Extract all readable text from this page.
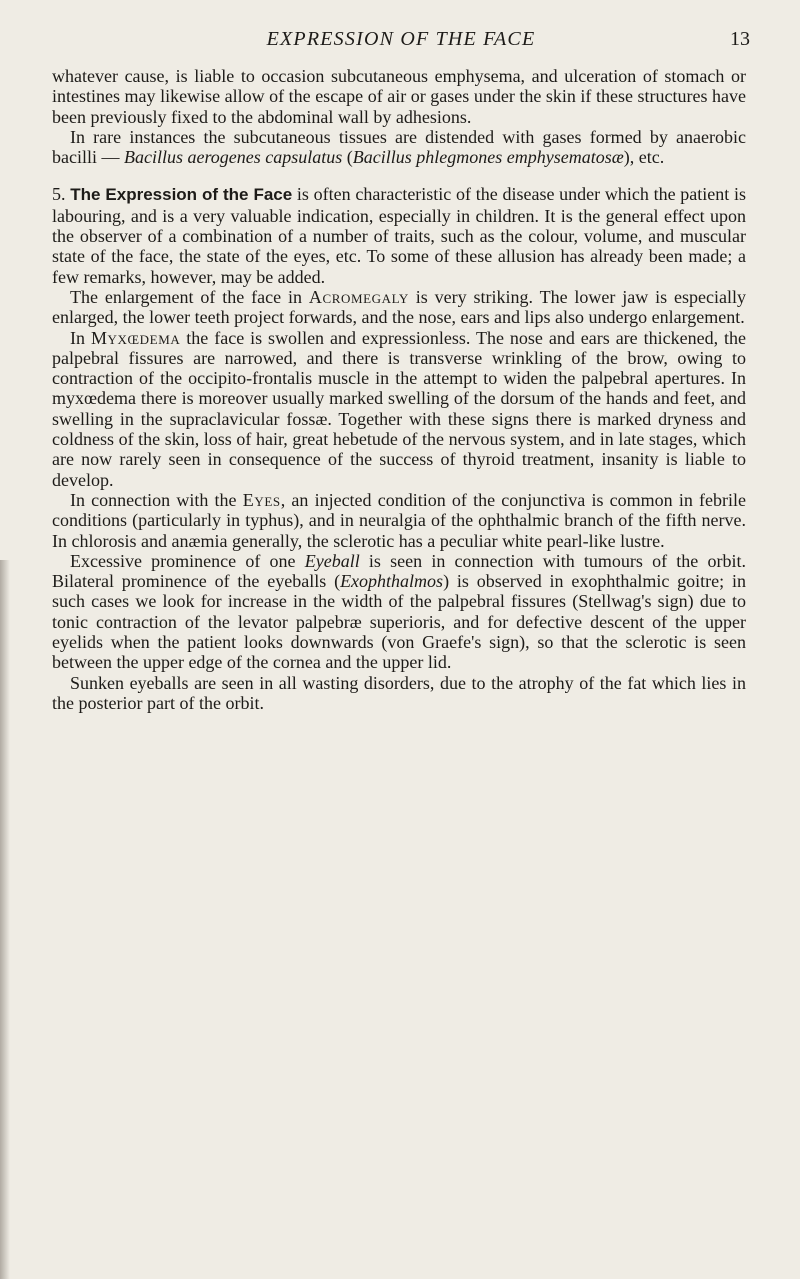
EXPRESSION OF THE FACE	13

whatever cause, is liable to occasion subcutaneous emphysema, and ulceration of stomach or intestines may likewise allow of the escape of air or gases under the skin if these structures have been previously fixed to the abdominal wall by adhesions.

In rare instances the subcutaneous tissues are distended with gases formed by anaerobic bacilli — Bacillus aerogenes capsulatus (Bacillus phlegmones emphysematosæ), etc.

5. The Expression of the Face is often characteristic of the disease under which the patient is labouring, and is a very valuable indication, especially in children. It is the general effect upon the observer of a combination of a number of traits, such as the colour, volume, and muscular state of the face, the state of the eyes, etc. To some of these allusion has already been made; a few remarks, however, may be added.

The enlargement of the face in Acromegaly is very striking. The lower jaw is especially enlarged, the lower teeth project forwards, and the nose, ears and lips also undergo enlargement.

In Myxœdema the face is swollen and expressionless. The nose and ears are thickened, the palpebral fissures are narrowed, and there is transverse wrinkling of the brow, owing to contraction of the occipito-frontalis muscle in the attempt to widen the palpebral apertures. In myxœdema there is moreover usually marked swelling of the dorsum of the hands and feet, and swelling in the supraclavicular fossæ. Together with these signs there is marked dryness and coldness of the skin, loss of hair, great hebetude of the nervous system, and in late stages, which are now rarely seen in consequence of the success of thyroid treatment, insanity is liable to develop.

In connection with the Eyes, an injected condition of the conjunctiva is common in febrile conditions (particularly in typhus), and in neuralgia of the ophthalmic branch of the fifth nerve. In chlorosis and anæmia generally, the sclerotic has a peculiar white pearl-like lustre.

Excessive prominence of one Eyeball is seen in connection with tumours of the orbit. Bilateral prominence of the eyeballs (Exophthalmos) is observed in exophthalmic goitre; in such cases we look for increase in the width of the palpebral fissures (Stellwag's sign) due to tonic contraction of the levator palpebræ superioris, and for defective descent of the upper eyelids when the patient looks downwards (von Graefe's sign), so that the sclerotic is seen between the upper edge of the cornea and the upper lid.

Sunken eyeballs are seen in all wasting disorders, due to the atrophy of the fat which lies in the posterior part of the orbit.
